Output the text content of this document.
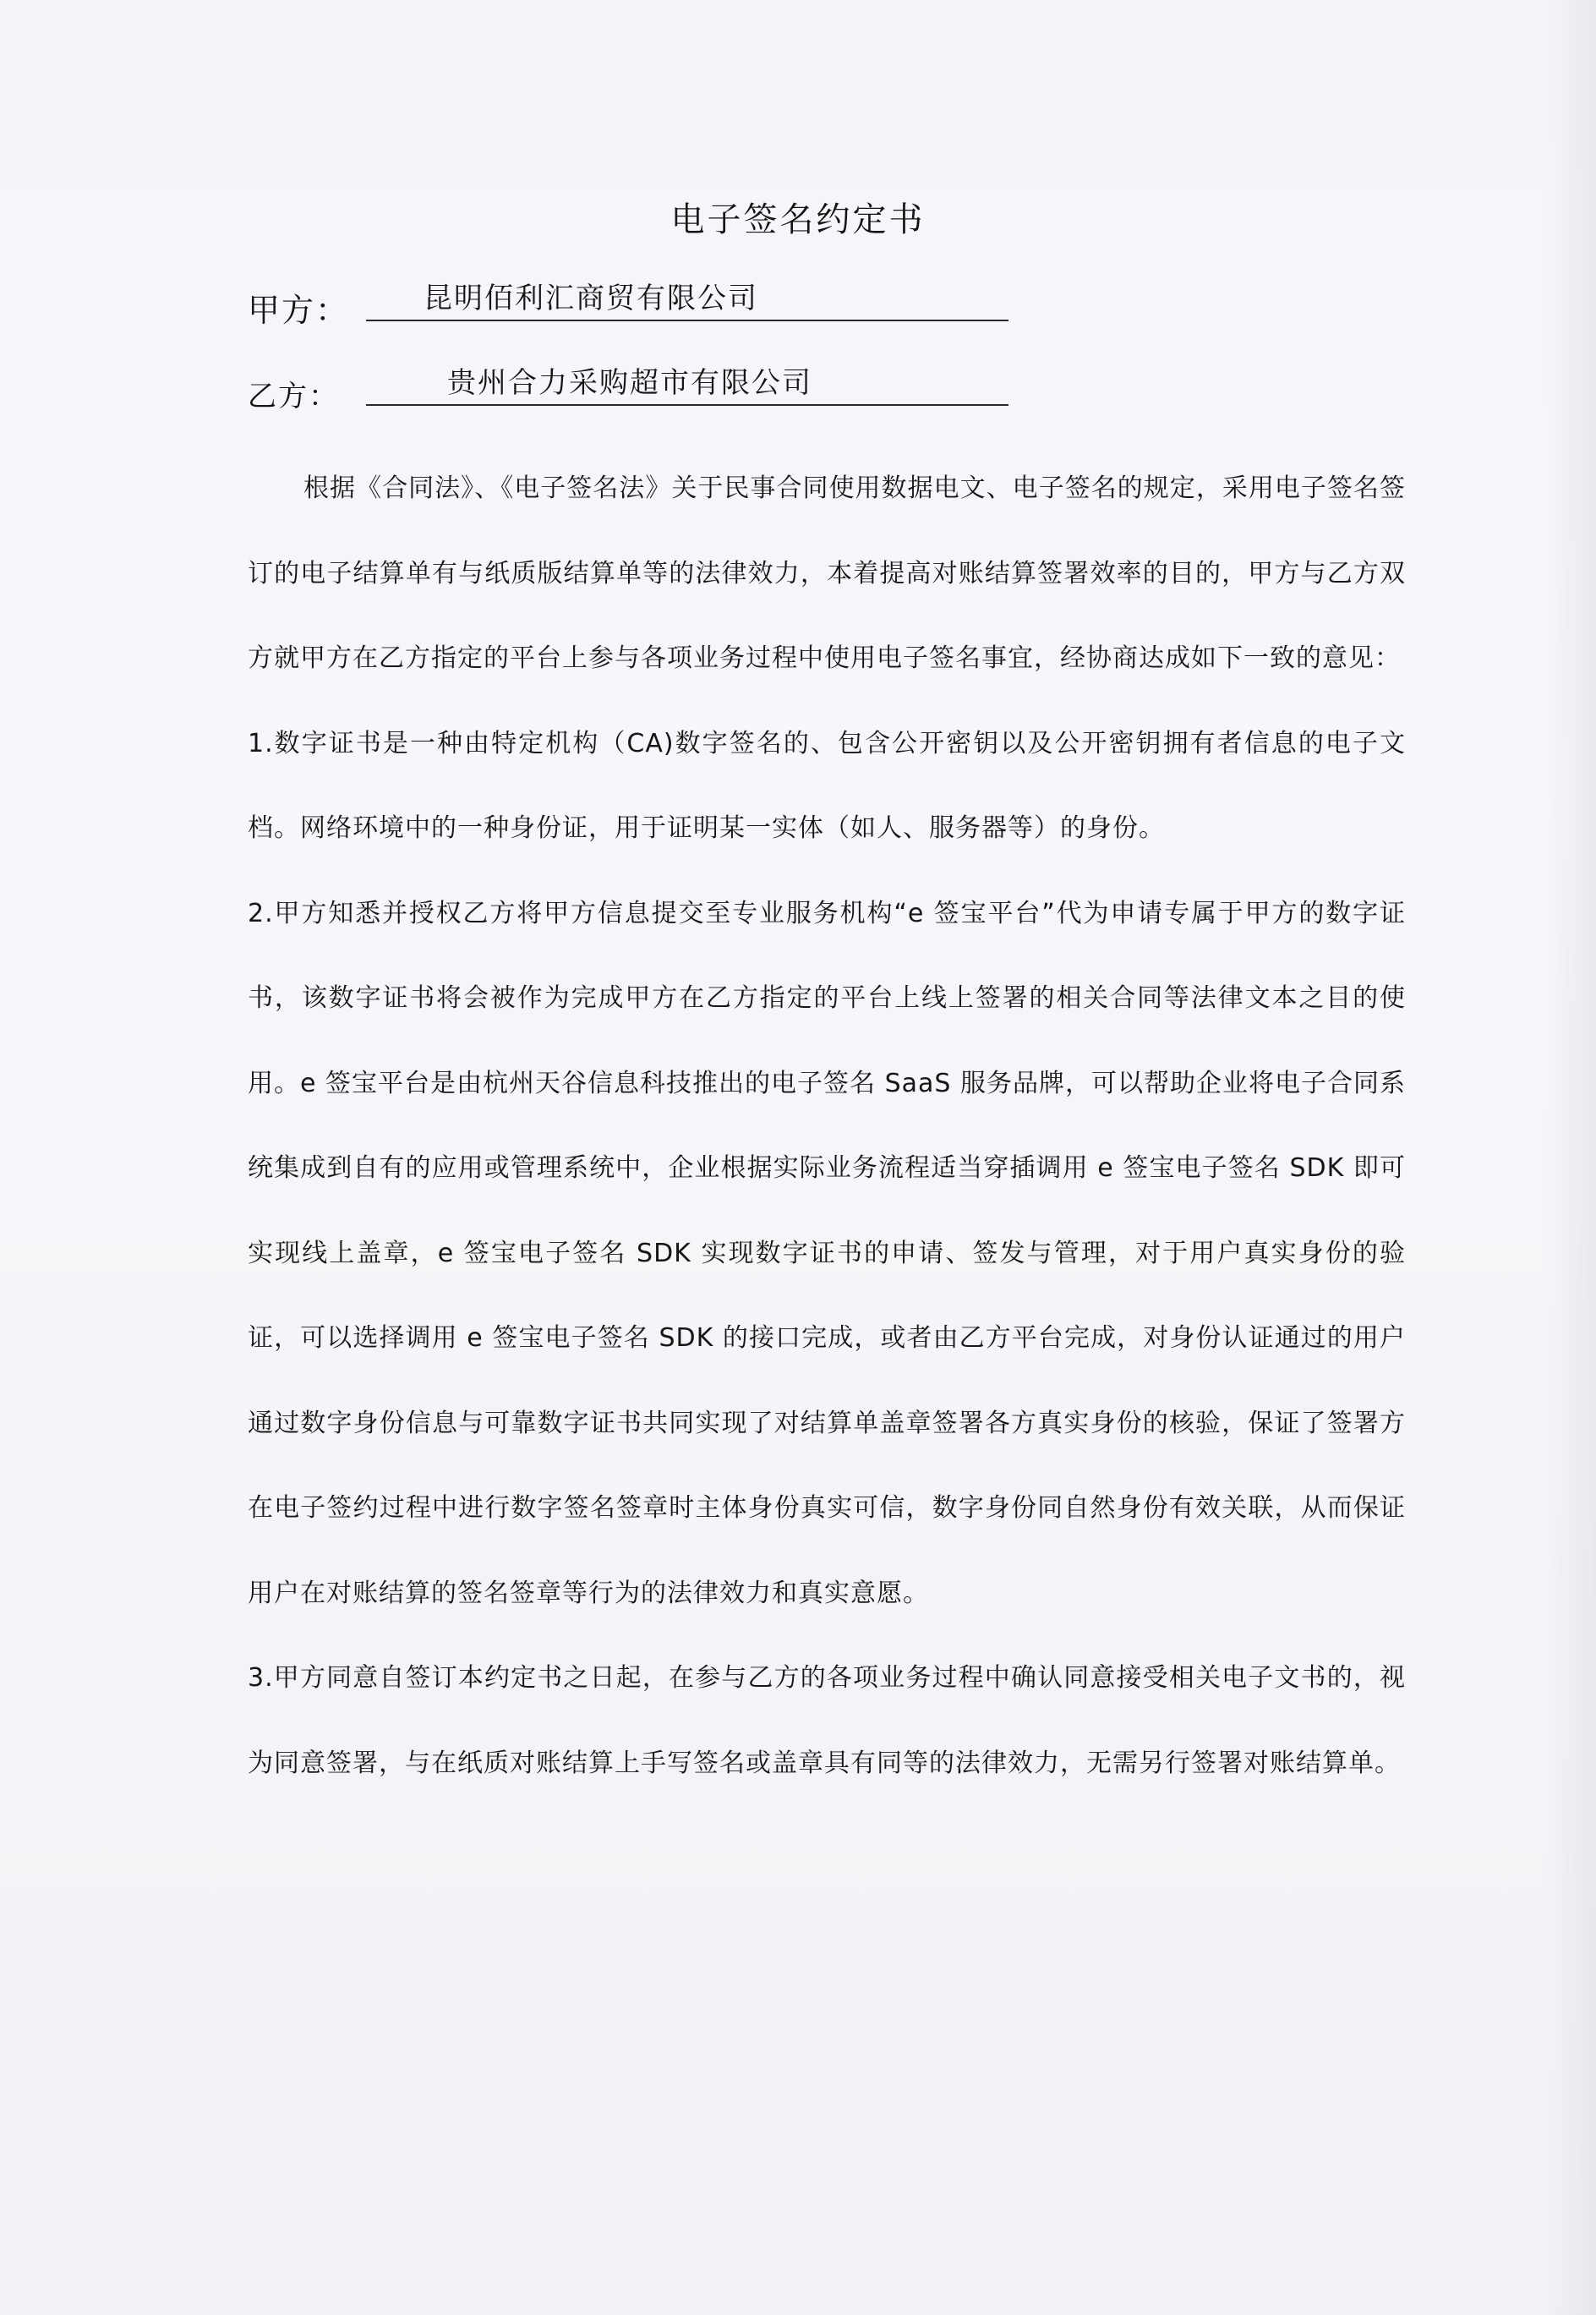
电子签名约定书
甲方：	昆明佰利汇商贸有限公司
乙方：	贵州合力采购超市有限公司

根据《合同法》、《电子签名法》关于民事合同使用数据电文、电子签名的规定，采用电子签名签订的电子结算单有与纸质版结算单等的法律效力，本着提高对账结算签署效率的目的，甲方与乙方双方就甲方在乙方指定的平台上参与各项业务过程中使用电子签名事宜，经协商达成如下一致的意见：

1.数字证书是一种由特定机构（CA)数字签名的、包含公开密钥以及公开密钥拥有者信息的电子文档。网络环境中的一种身份证，用于证明某一实体（如人、服务器等）的身份。

2.甲方知悉并授权乙方将甲方信息提交至专业服务机构“e 签宝平台”代为申请专属于甲方的数字证书，该数字证书将会被作为完成甲方在乙方指定的平台上线上签署的相关合同等法律文本之目的使用。e 签宝平台是由杭州天谷信息科技推出的电子签名 SaaS 服务品牌，可以帮助企业将电子合同系统集成到自有的应用或管理系统中，企业根据实际业务流程适当穿插调用 e 签宝电子签名 SDK 即可实现线上盖章，e 签宝电子签名 SDK 实现数字证书的申请、签发与管理，对于用户真实身份的验证，可以选择调用 e 签宝电子签名 SDK 的接口完成，或者由乙方平台完成，对身份认证通过的用户通过数字身份信息与可靠数字证书共同实现了对结算单盖章签署各方真实身份的核验，保证了签署方在电子签约过程中进行数字签名签章时主体身份真实可信，数字身份同自然身份有效关联，从而保证用户在对账结算的签名签章等行为的法律效力和真实意愿。

3.甲方同意自签订本约定书之日起，在参与乙方的各项业务过程中确认同意接受相关电子文书的，视为同意签署，与在纸质对账结算上手写签名或盖章具有同等的法律效力，无需另行签署对账结算单。
